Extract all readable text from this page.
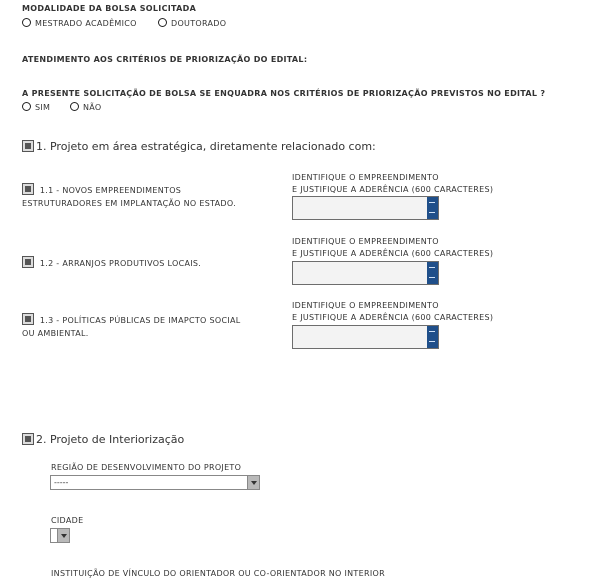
MODALIDADE DA BOLSA SOLICITADA
MESTRADO ACADÊMICO	DOUTORADO
ATENDIMENTO AOS CRITÉRIOS DE PRIORIZAÇÃO DO EDITAL:
A PRESENTE SOLICITAÇÃO DE BOLSA SE ENQUADRA NOS CRITÉRIOS DE PRIORIZAÇÃO PREVISTOS NO EDITAL ?
SIM	NÃO
1. Projeto em área estratégica, diretamente relacionado com:
1.1 - NOVOS EMPREENDIMENTOS
ESTRUTURADORES EM IMPLANTAÇÃO NO ESTADO.
IDENTIFIQUE O EMPREENDIMENTO
E JUSTIFIQUE A ADERÊNCIA (600 CARACTERES)
1.2 - ARRANJOS PRODUTIVOS LOCAIS.
IDENTIFIQUE O EMPREENDIMENTO
E JUSTIFIQUE A ADERÊNCIA (600 CARACTERES)
1.3 - POLÍTICAS PÚBLICAS DE IMAPCTO SOCIAL
OU AMBIENTAL.
IDENTIFIQUE O EMPREENDIMENTO
E JUSTIFIQUE A ADERÊNCIA (600 CARACTERES)
2. Projeto de Interiorização
REGIÃO DE DESENVOLVIMENTO DO PROJETO
-----
CIDADE
INSTITUIÇÃO DE VÍNCULO DO ORIENTADOR OU CO-ORIENTADOR NO INTERIOR
